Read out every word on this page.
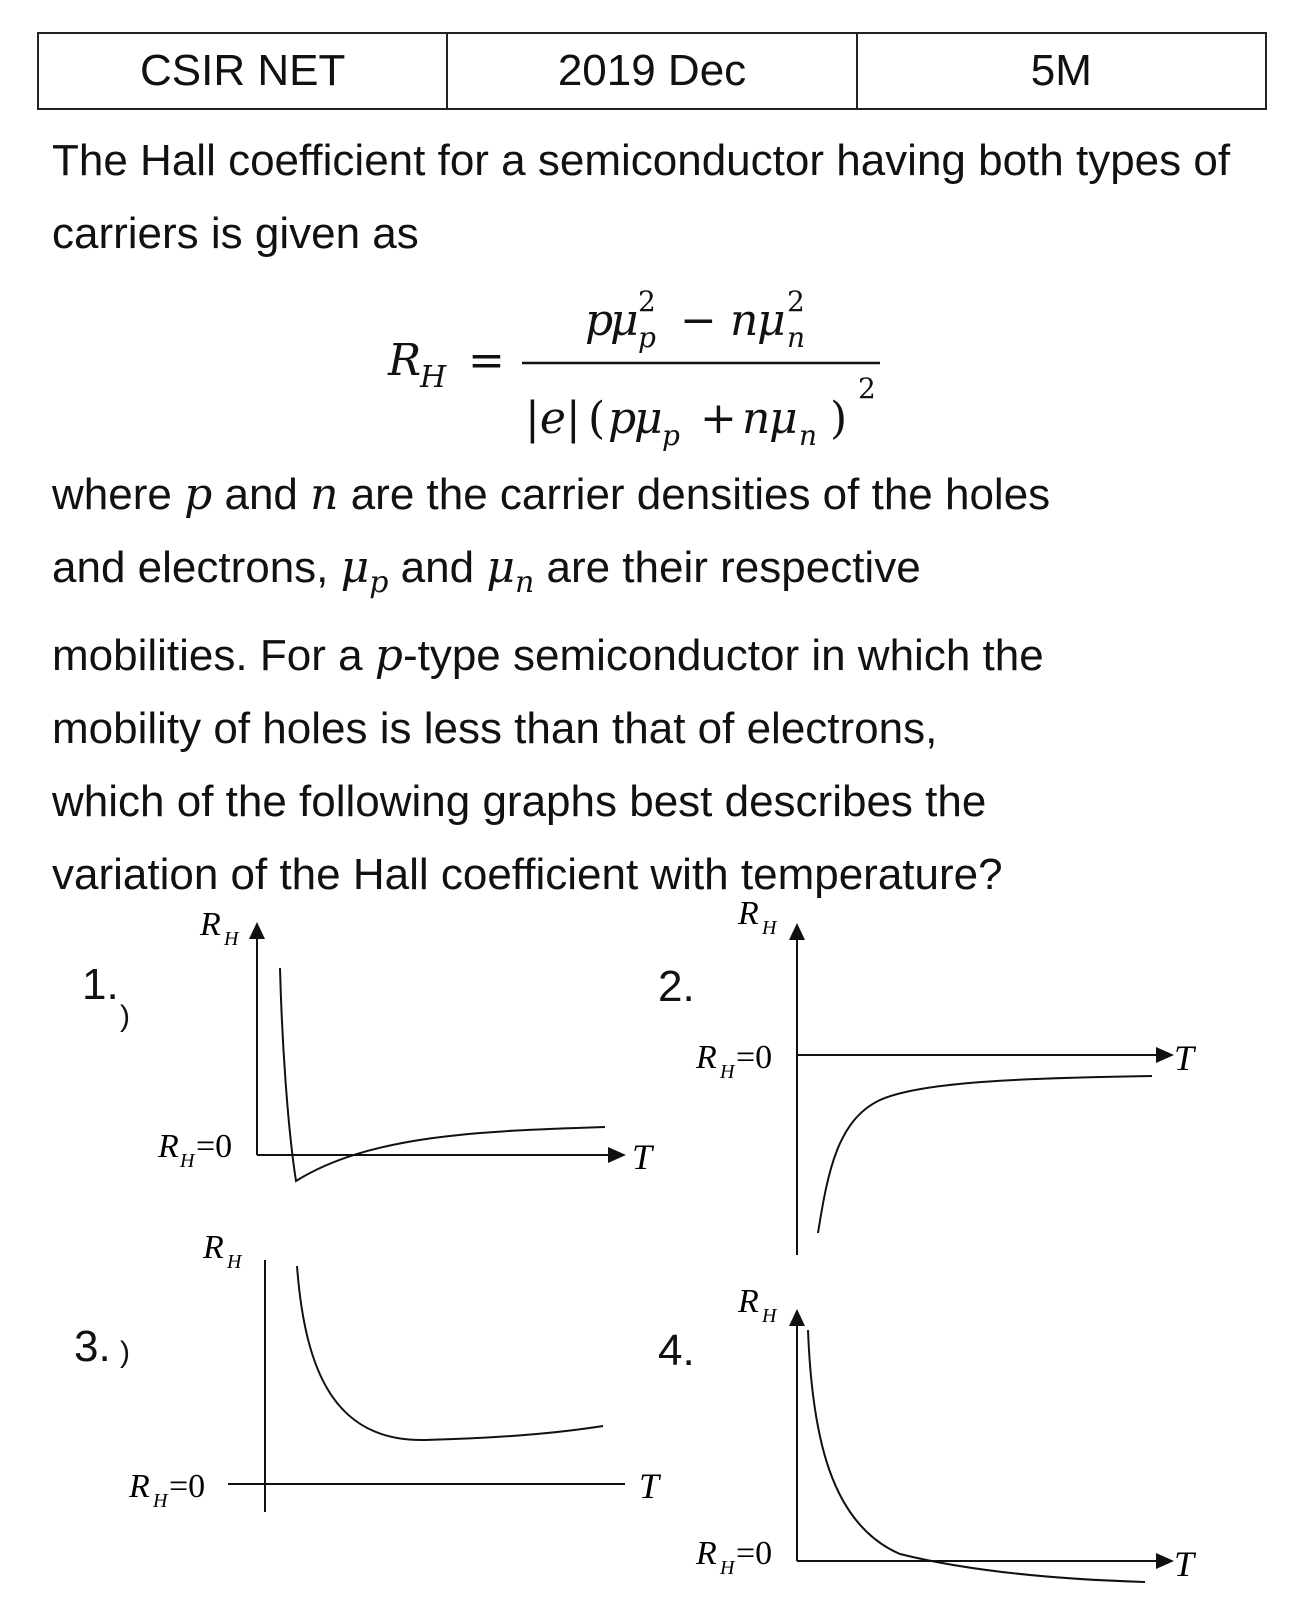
CSIR NET	2019 Dec	5M

The Hall coefficient for a semiconductor having both types of carriers is given as

R
H =
p
μ 2
p − n
μ 2
n
|e| ( p
μ p + n
μ n )
2

where p and n are the carrier densities of the holes

and electrons, $\mu_p$ and $\mu_n$ are their respective

mobilities. For a p-type semiconductor in which the

mobility of holes is less than that of electrons,

which of the following graphs best describes the

variation of the Hall coefficient with temperature?

1.
)
2.
3. )	4.
R H
R H =0	T
R H
R H =0	T
R H
R H =0	T
R H
R H =0	T
